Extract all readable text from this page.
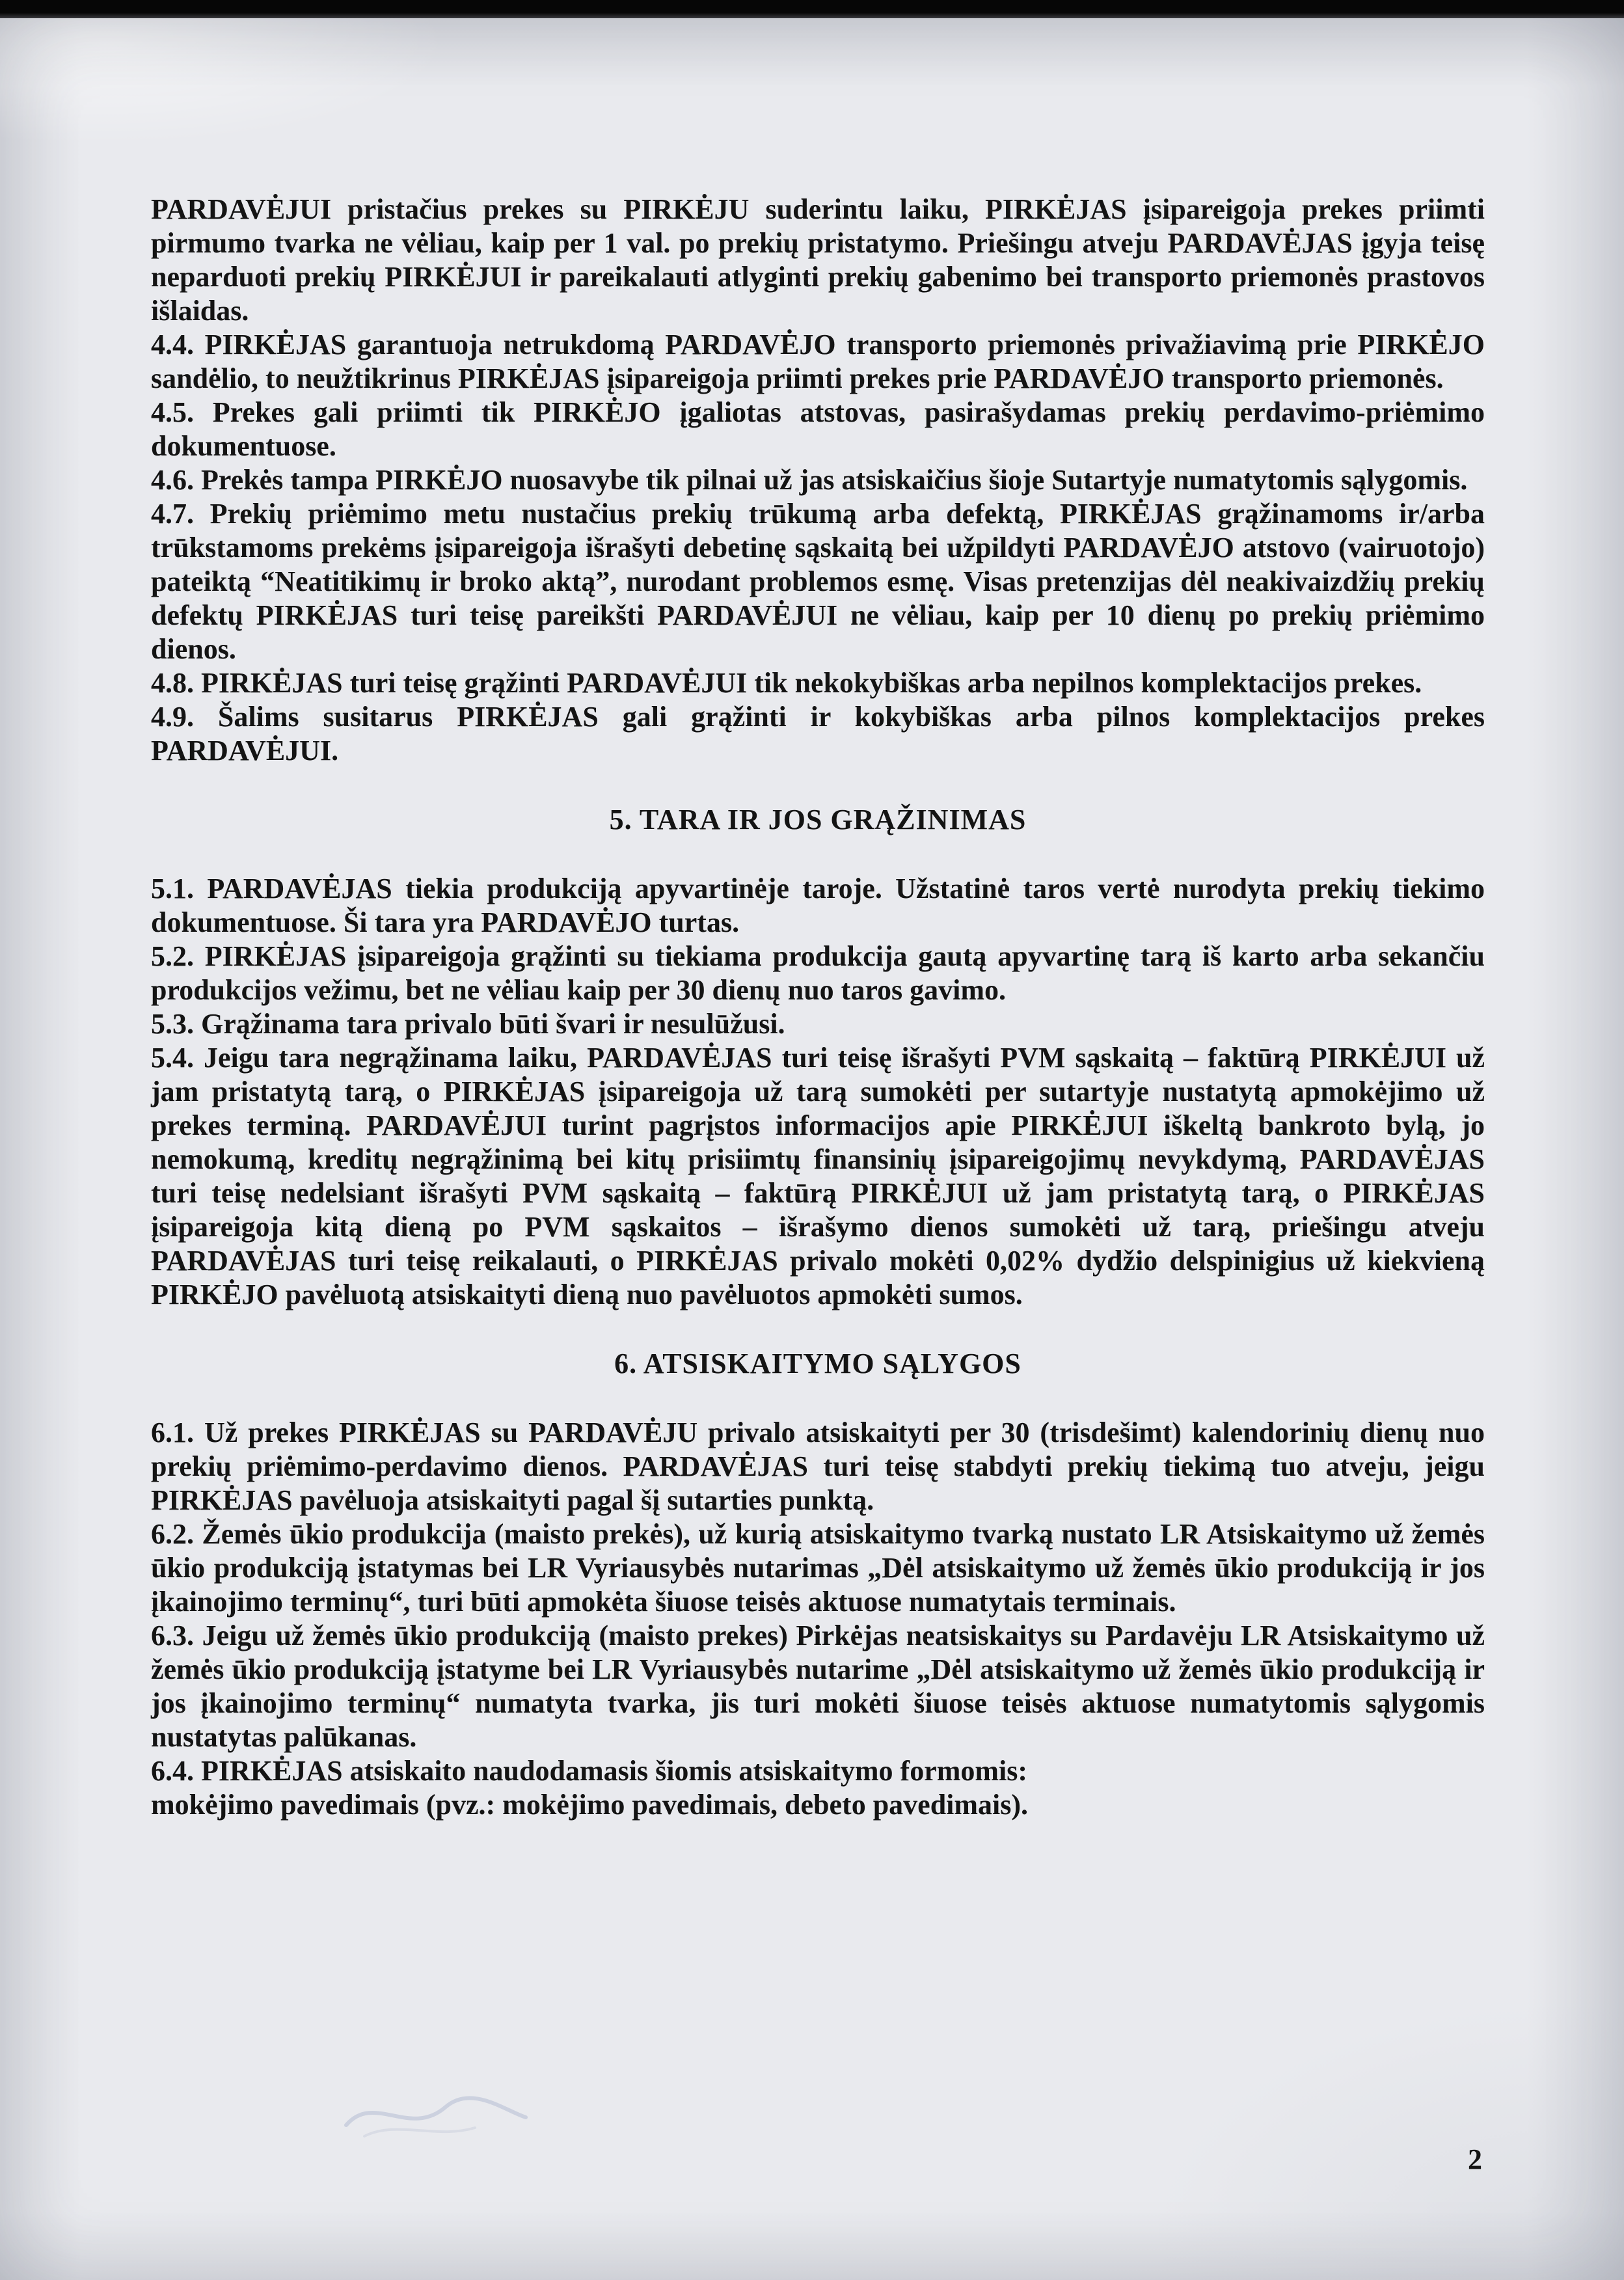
PARDAVĖJUI pristačius prekes su PIRKĖJU suderintu laiku, PIRKĖJAS įsipareigoja prekes priimti pirmumo tvarka ne vėliau, kaip per 1 val. po prekių pristatymo. Priešingu atveju PARDAVĖJAS įgyja teisę neparduoti prekių PIRKĖJUI ir pareikalauti atlyginti prekių gabenimo bei transporto priemonės prastovos išlaidas.

4.4. PIRKĖJAS garantuoja netrukdomą PARDAVĖJO transporto priemonės privažiavimą prie PIRKĖJO sandėlio, to neužtikrinus PIRKĖJAS įsipareigoja priimti prekes prie PARDAVĖJO transporto priemonės.

4.5. Prekes gali priimti tik PIRKĖJO įgaliotas atstovas, pasirašydamas prekių perdavimo-priėmimo dokumentuose.

4.6. Prekės tampa PIRKĖJO nuosavybe tik pilnai už jas atsiskaičius šioje Sutartyje numatytomis sąlygomis.

4.7. Prekių priėmimo metu nustačius prekių trūkumą arba defektą, PIRKĖJAS grąžinamoms ir/arba trūkstamoms prekėms įsipareigoja išrašyti debetinę sąskaitą bei užpildyti PARDAVĖJO atstovo (vairuotojo) pateiktą “Neatitikimų ir broko aktą”, nurodant problemos esmę. Visas pretenzijas dėl neakivaizdžių prekių defektų PIRKĖJAS turi teisę pareikšti PARDAVĖJUI ne vėliau, kaip per 10 dienų po prekių priėmimo dienos.

4.8. PIRKĖJAS turi teisę grąžinti PARDAVĖJUI tik nekokybiškas arba nepilnos komplektacijos prekes.

4.9. Šalims susitarus PIRKĖJAS gali grąžinti ir kokybiškas arba pilnos komplektacijos prekes PARDAVĖJUI.

5. TARA IR JOS GRĄŽINIMAS

5.1. PARDAVĖJAS tiekia produkciją apyvartinėje taroje. Užstatinė taros vertė nurodyta prekių tiekimo dokumentuose. Ši tara yra PARDAVĖJO turtas.

5.2. PIRKĖJAS įsipareigoja grąžinti su tiekiama produkcija gautą apyvartinę tarą iš karto arba sekančiu produkcijos vežimu, bet ne vėliau kaip per 30 dienų nuo taros gavimo.

5.3. Grąžinama tara privalo būti švari ir nesulūžusi.

5.4. Jeigu tara negrąžinama laiku, PARDAVĖJAS turi teisę išrašyti PVM sąskaitą – faktūrą PIRKĖJUI už jam pristatytą tarą, o PIRKĖJAS įsipareigoja už tarą sumokėti per sutartyje nustatytą apmokėjimo už prekes terminą. PARDAVĖJUI turint pagrįstos informacijos apie PIRKĖJUI iškeltą bankroto bylą, jo nemokumą, kreditų negrąžinimą bei kitų prisiimtų finansinių įsipareigojimų nevykdymą, PARDAVĖJAS turi teisę nedelsiant išrašyti PVM sąskaitą – faktūrą PIRKĖJUI už jam pristatytą tarą, o PIRKĖJAS įsipareigoja kitą dieną po PVM sąskaitos – išrašymo dienos sumokėti už tarą, priešingu atveju PARDAVĖJAS turi teisę reikalauti, o PIRKĖJAS privalo mokėti 0,02% dydžio delspinigius už kiekvieną PIRKĖJO pavėluotą atsiskaityti dieną nuo pavėluotos apmokėti sumos.

6. ATSISKAITYMO SĄLYGOS

6.1. Už prekes PIRKĖJAS su PARDAVĖJU privalo atsiskaityti per 30 (trisdešimt) kalendorinių dienų nuo prekių priėmimo-perdavimo dienos. PARDAVĖJAS turi teisę stabdyti prekių tiekimą tuo atveju, jeigu PIRKĖJAS pavėluoja atsiskaityti pagal šį sutarties punktą.

6.2. Žemės ūkio produkcija (maisto prekės), už kurią atsiskaitymo tvarką nustato LR Atsiskaitymo už žemės ūkio produkciją įstatymas bei LR Vyriausybės nutarimas „Dėl atsiskaitymo už žemės ūkio produkciją ir jos įkainojimo terminų“, turi būti apmokėta šiuose teisės aktuose numatytais terminais.

6.3. Jeigu už žemės ūkio produkciją (maisto prekes) Pirkėjas neatsiskaitys su Pardavėju LR Atsiskaitymo už žemės ūkio produkciją įstatyme bei LR Vyriausybės nutarime „Dėl atsiskaitymo už žemės ūkio produkciją ir jos įkainojimo terminų“ numatyta tvarka, jis turi mokėti šiuose teisės aktuose numatytomis sąlygomis nustatytas palūkanas.

6.4. PIRKĖJAS atsiskaito naudodamasis šiomis atsiskaitymo formomis:

mokėjimo pavedimais (pvz.: mokėjimo pavedimais, debeto pavedimais).

2
